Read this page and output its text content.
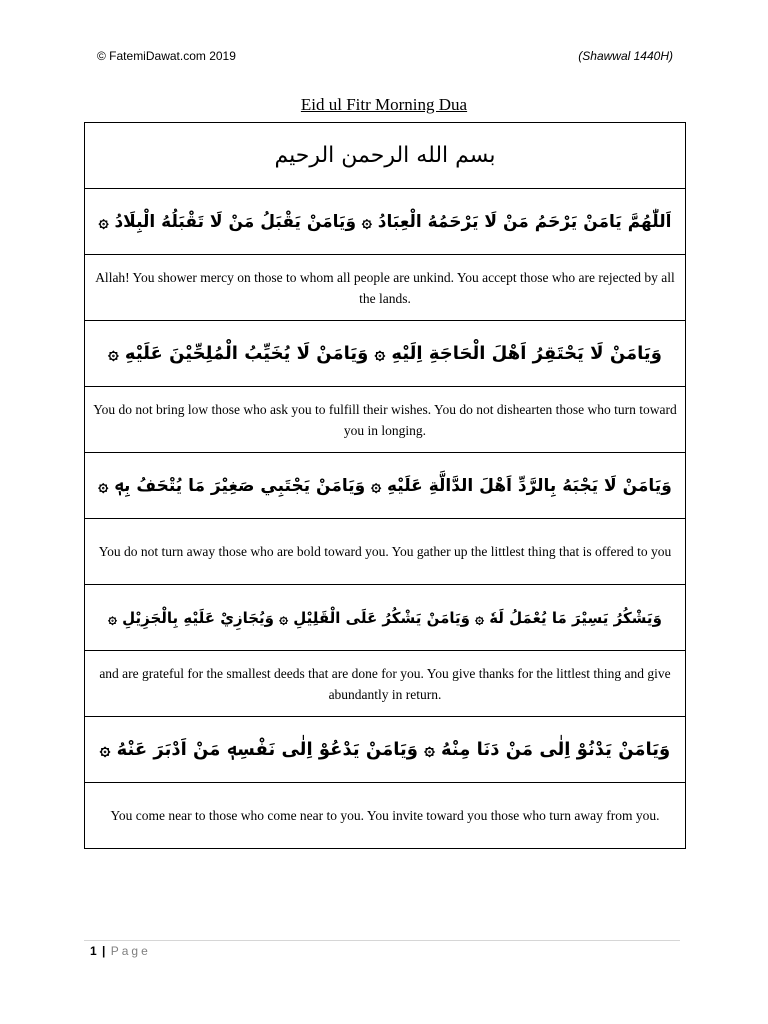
© FatemiDawat.com 2019	(Shawwal 1440H)
Eid ul Fitr Morning Dua
بسم الله الرحمن الرحيم
اَللّٰهُمَّ يَامَنْ يَرْحَمُ مَنْ لَا يَرْحَمُهُ الْعِبَادُ ۞ وَيَامَنْ يَقْبَلُ مَنْ لَا تَقْبَلُهُ الْبِلَادُ ۞
Allah! You shower mercy on those to whom all people are unkind. You accept those who are rejected by all the lands.
وَيَامَنْ لَا يَحْتَقِرُ اَهْلَ الْحَاجَةِ اِلَيْهِ ۞ وَيَامَنْ لَا يُخَيِّبُ الْمُلِحِّيْنَ عَلَيْهِ ۞
You do not bring low those who ask you to fulfill their wishes. You do not dishearten those who turn toward you in longing.
وَيَامَنْ لَا يَجْبَهُ بِالرَّدِّ اَهْلَ الدَّالَّةِ عَلَيْهِ ۞ وَيَامَنْ يَجْتَبِي صَغِيْرَ مَا يُتْحَفُ بِهٖ ۞
You do not turn away those who are bold toward you. You gather up the littlest thing that is offered to you
وَيَشْكُرُ يَسِيْرَ مَا يُعْمَلُ لَهٗ ۞ وَيَامَنْ يَشْكُرُ عَلَى الْقَلِيْلِ ۞ وَيُجَازِيْ عَلَيْهِ بِالْجَزِيْلِ ۞
and are grateful for the smallest deeds that are done for you. You give thanks for the littlest thing and give abundantly in return.
وَيَامَنْ يَدْنُوْ اِلٰى مَنْ دَنَا مِنْهُ ۞ وَيَامَنْ يَدْعُوْ اِلٰى نَفْسِهٖ مَنْ اَدْبَرَ عَنْهُ ۞
You come near to those who come near to you. You invite toward you those who turn away from you.
1 | Page
